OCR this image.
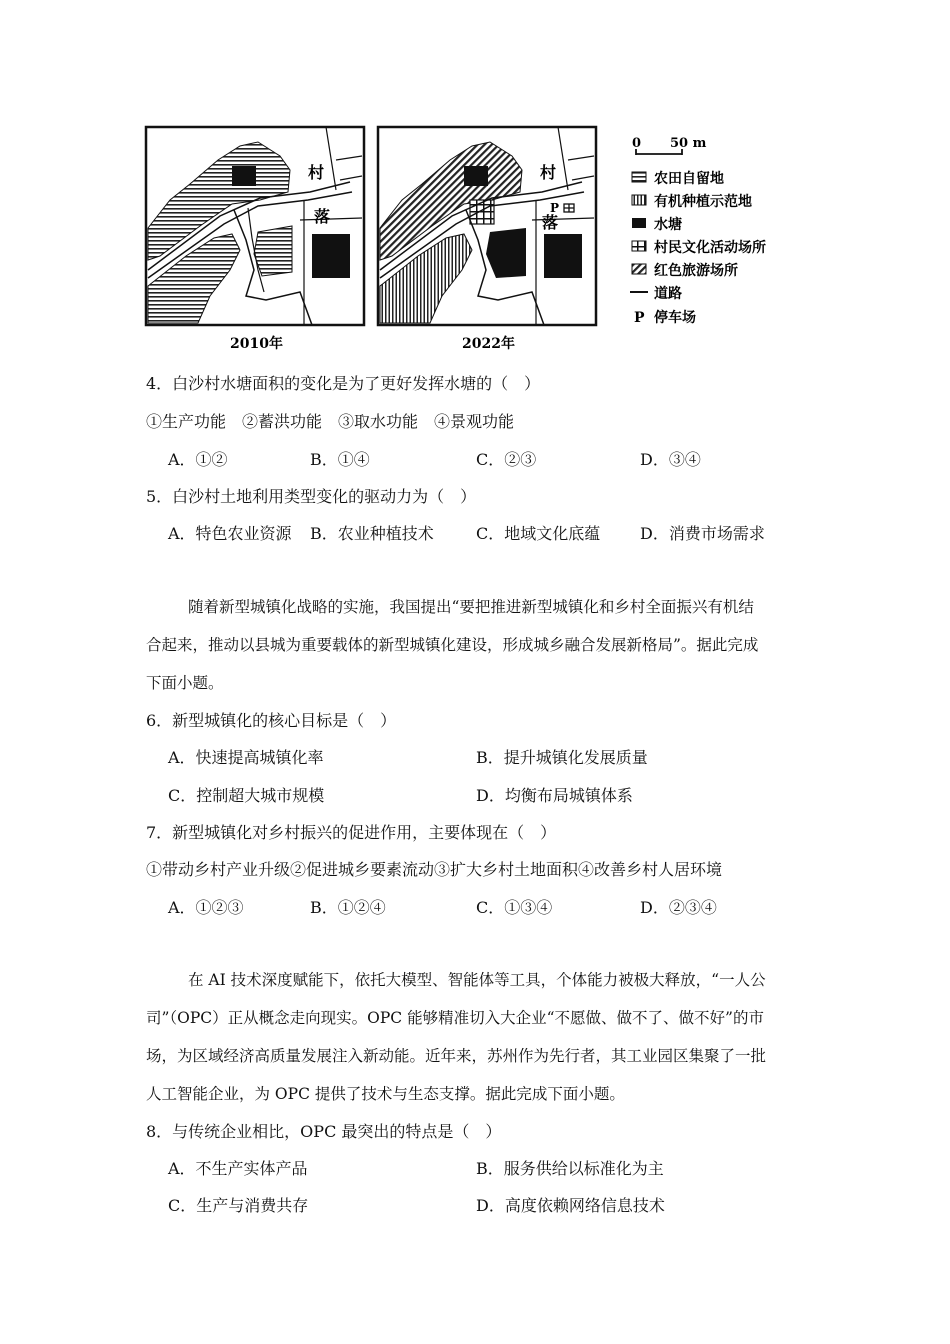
村
落
村
落
P
2010年	2022年
0 50 m
农田自留地
有机种植示范地
水塘
村民文化活动场所
红色旅游场所
道路
P 停车场
4．白沙村水塘面积的变化是为了更好发挥水塘的（　）
①生产功能　②蓄洪功能　③取水功能　④景观功能
A．①②	B．①④	C．②③	D．③④
5．白沙村土地利用类型变化的驱动力为（　）
A．特色农业资源 B．农业种植技术	C．地域文化底蕴 D．消费市场需求
随着新型城镇化战略的实施，我国提出“要把推进新型城镇化和乡村全面振兴有机结
合起来，推动以县城为重要载体的新型城镇化建设，形成城乡融合发展新格局”。据此完成
下面小题。
6．新型城镇化的核心目标是（　）
A．快速提高城镇化率	B．提升城镇化发展质量
C．控制超大城市规模	D．均衡布局城镇体系
7．新型城镇化对乡村振兴的促进作用，主要体现在（　）
①带动乡村产业升级②促进城乡要素流动③扩大乡村土地面积④改善乡村人居环境
A．①②③	B．①②④	C．①③④	D．②③④
在 AI 技术深度赋能下，依托大模型、智能体等工具，个体能力被极大释放，“一人公
司”（OPC）正从概念走向现实。OPC 能够精准切入大企业“不愿做、做不了、做不好”的市
场，为区域经济高质量发展注入新动能。近年来，苏州作为先行者，其工业园区集聚了一批
人工智能企业，为 OPC 提供了技术与生态支撑。据此完成下面小题。
8．与传统企业相比，OPC 最突出的特点是（　）
A．不生产实体产品	B．服务供给以标准化为主
C．生产与消费共存	D．高度依赖网络信息技术
